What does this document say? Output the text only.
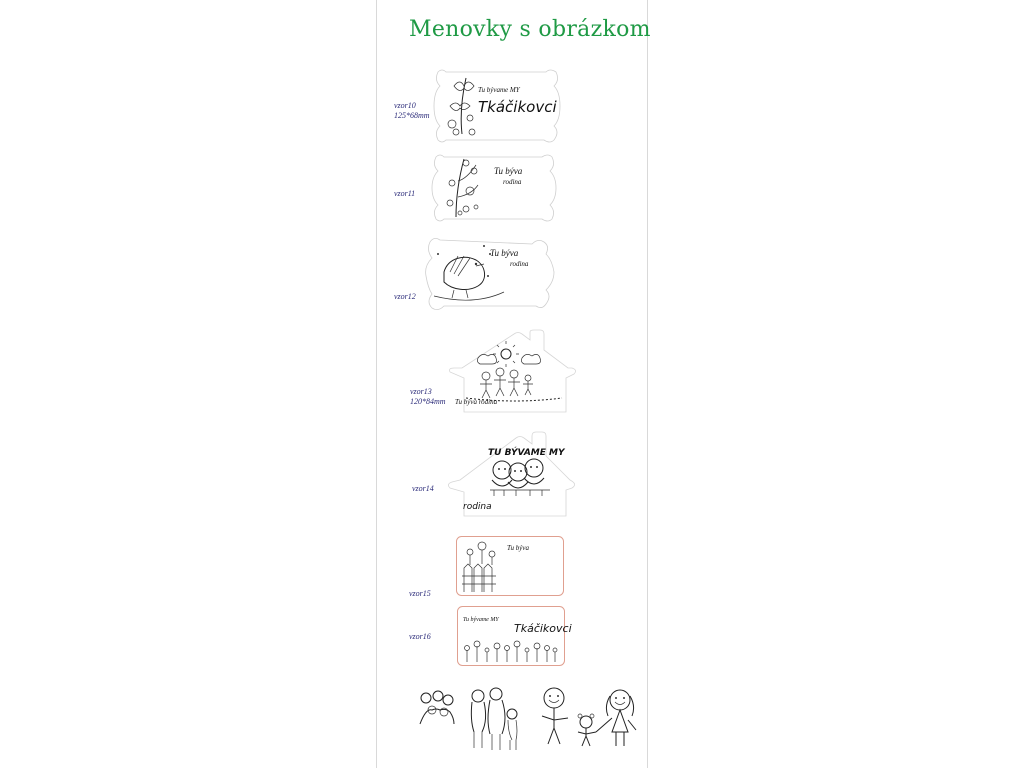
Menovky s obrázkom
vzor10
125*68mm
Tu bývame MY
Tkáčikovci
vzor11
Tu býva
rodina
vzor12
Tu býva
rodina
vzor13
120*84mm Tu býva rodina
vzor14
TU BÝVAME MY
rodina
vzor15
Tu býva
vzor16
Tu bývame MY
Tkáčikovci
